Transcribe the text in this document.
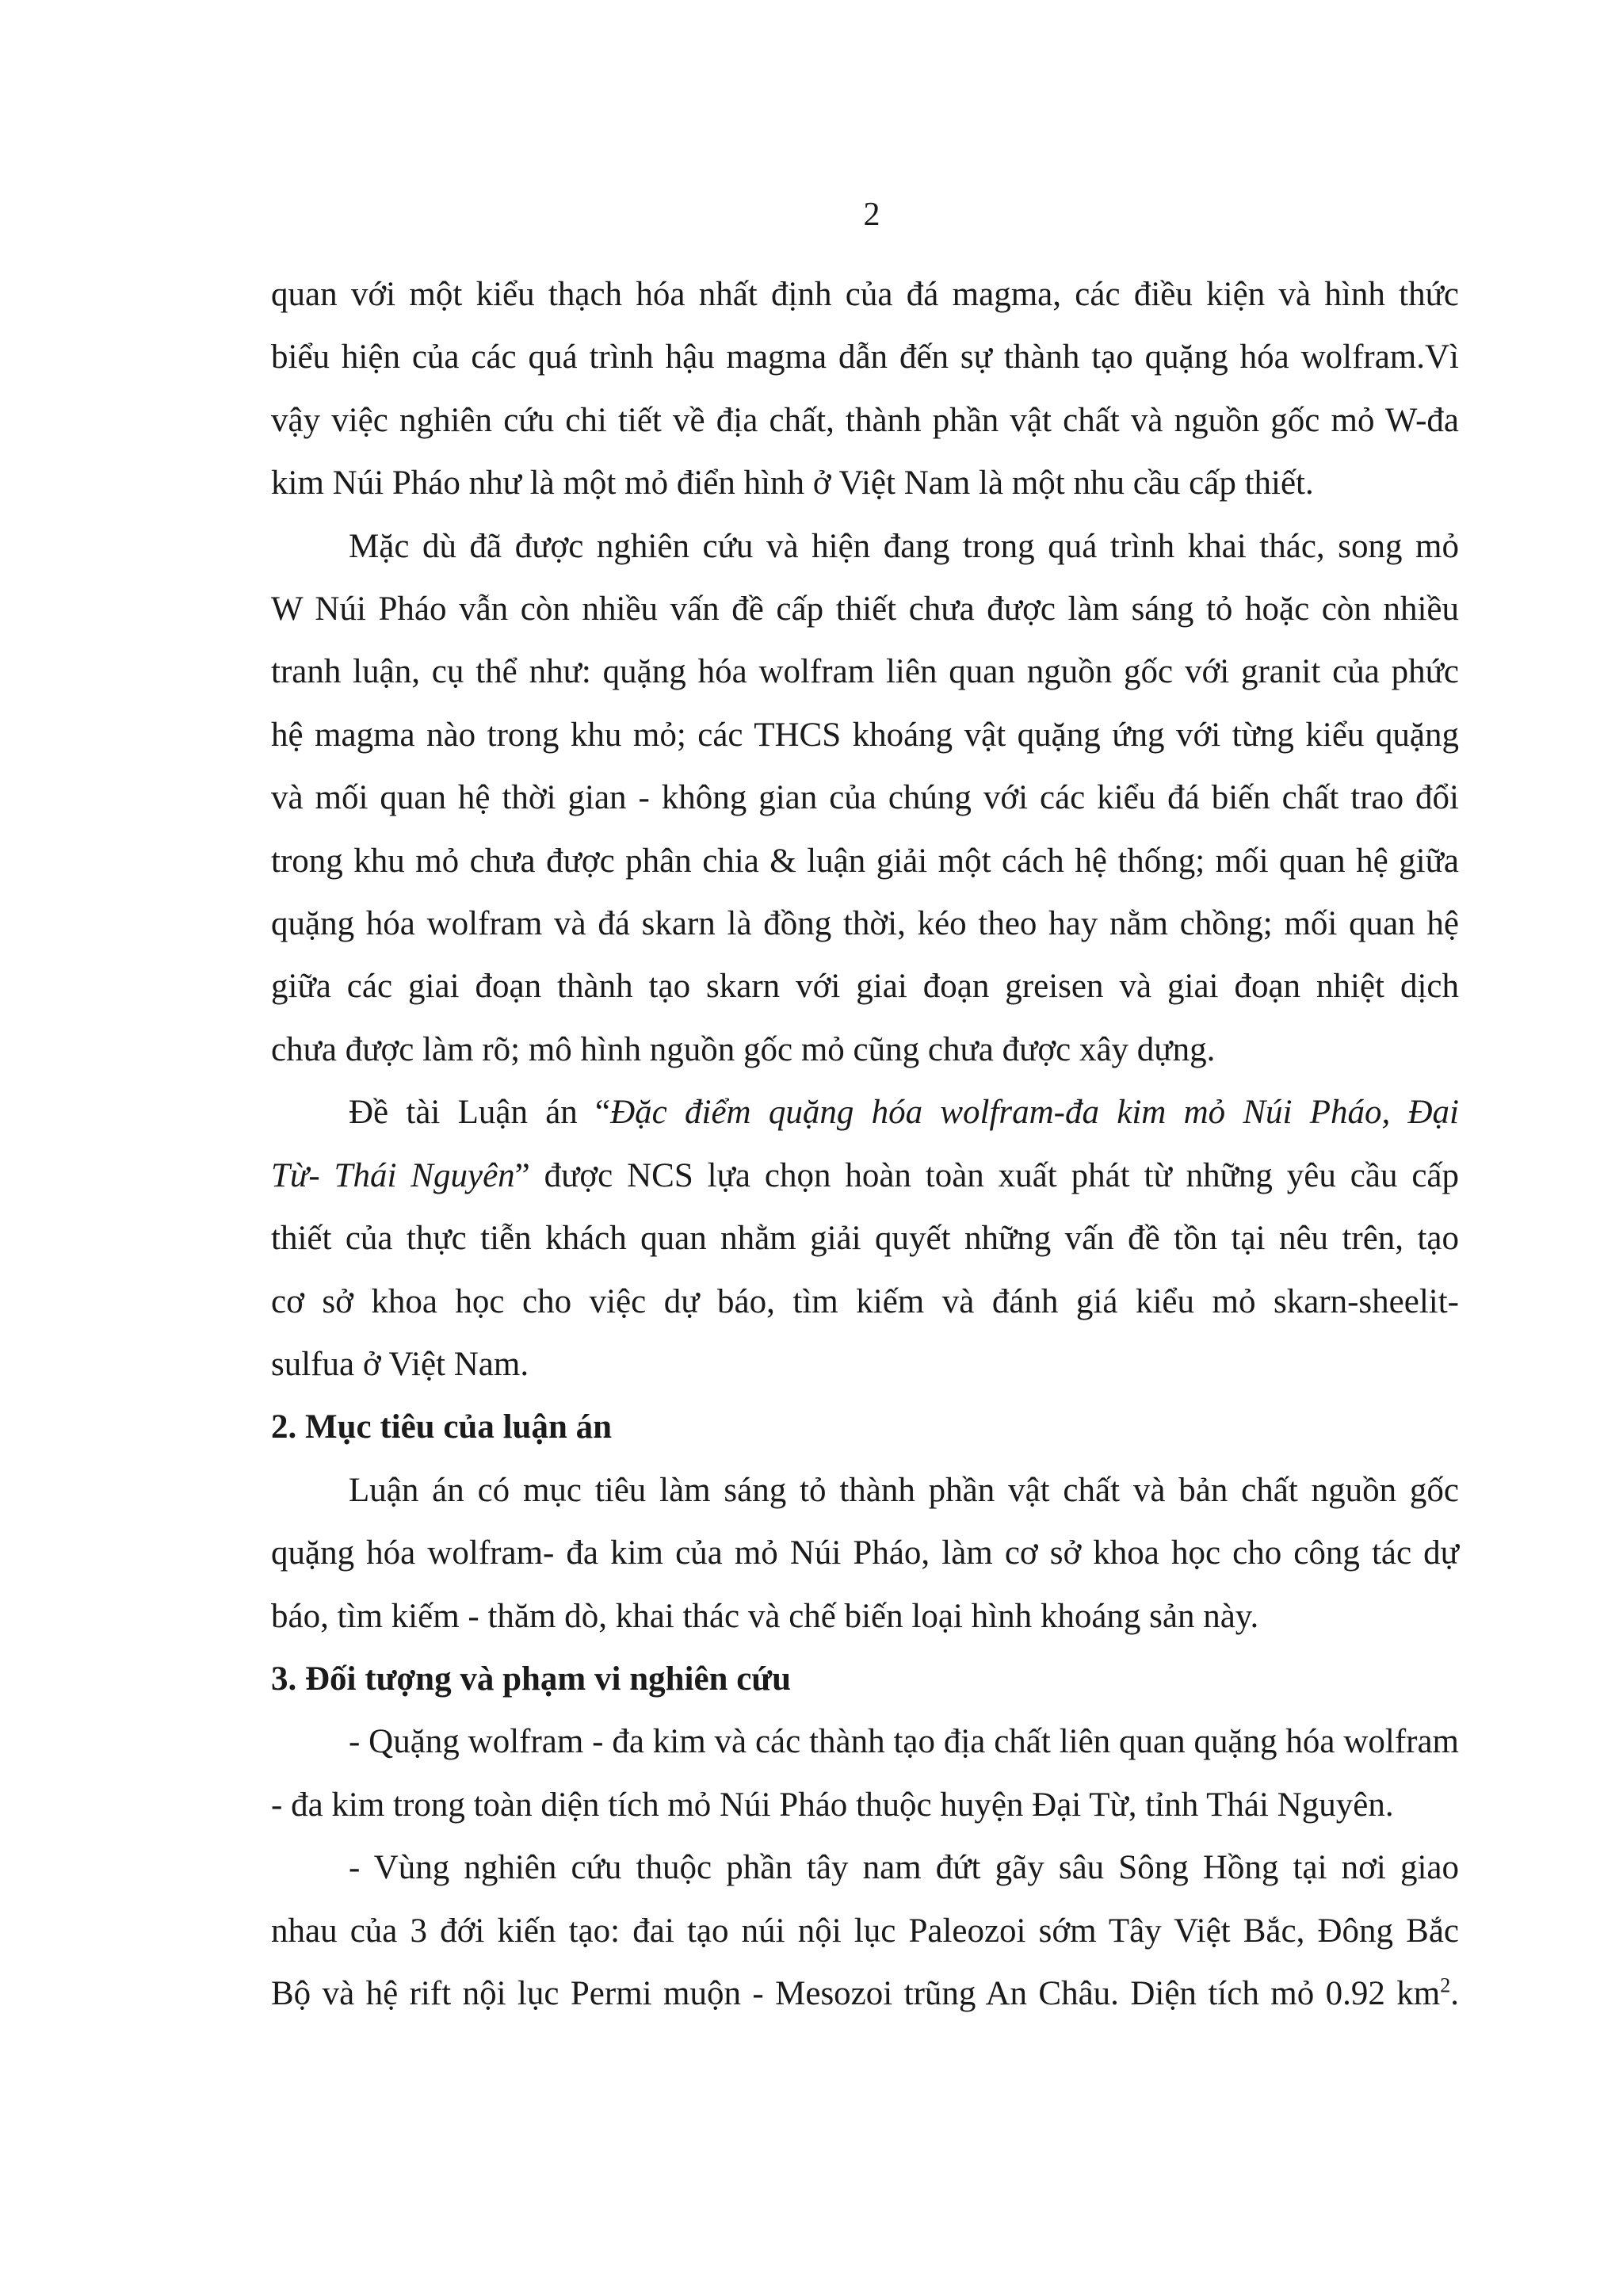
2
quan với một kiểu thạch hóa nhất định của đá magma, các điều kiện và hình thức
biểu hiện của các quá trình hậu magma dẫn đến sự thành tạo quặng hóa wolfram.Vì
vậy việc nghiên cứu chi tiết về địa chất, thành phần vật chất và nguồn gốc mỏ W-đa
kim Núi Pháo như là một mỏ điển hình ở Việt Nam là một nhu cầu cấp thiết.
Mặc dù đã được nghiên cứu và hiện đang trong quá trình khai thác, song mỏ
W Núi Pháo vẫn còn nhiều vấn đề cấp thiết chưa được làm sáng tỏ hoặc còn nhiều
tranh luận, cụ thể như: quặng hóa wolfram liên quan nguồn gốc với granit của phức
hệ magma nào trong khu mỏ; các THCS khoáng vật quặng ứng với từng kiểu quặng
và mối quan hệ thời gian - không gian của chúng với các kiểu đá biến chất trao đổi
trong khu mỏ chưa được phân chia & luận giải một cách hệ thống; mối quan hệ giữa
quặng hóa wolfram và đá skarn là đồng thời, kéo theo hay nằm chồng; mối quan hệ
giữa các giai đoạn thành tạo skarn với giai đoạn greisen và giai đoạn nhiệt dịch
chưa được làm rõ; mô hình nguồn gốc mỏ cũng chưa được xây dựng.
Đề tài Luận án “Đặc điểm quặng hóa wolfram-đa kim mỏ Núi Pháo, Đại
Từ- Thái Nguyên” được NCS lựa chọn hoàn toàn xuất phát từ những yêu cầu cấp
thiết của thực tiễn khách quan nhằm giải quyết những vấn đề tồn tại nêu trên, tạo
cơ sở khoa học cho việc dự báo, tìm kiếm và đánh giá kiểu mỏ skarn-sheelit-
sulfua ở Việt Nam.
2. Mục tiêu của luận án
Luận án có mục tiêu làm sáng tỏ thành phần vật chất và bản chất nguồn gốc
quặng hóa wolfram- đa kim của mỏ Núi Pháo, làm cơ sở khoa học cho công tác dự
báo, tìm kiếm - thăm dò, khai thác và chế biến loại hình khoáng sản này.
3. Đối tượng và phạm vi nghiên cứu
- Quặng wolfram - đa kim và các thành tạo địa chất liên quan quặng hóa wolfram
- đa kim trong toàn diện tích mỏ Núi Pháo thuộc huyện Đại Từ, tỉnh Thái Nguyên.
- Vùng nghiên cứu thuộc phần tây nam đứt gãy sâu Sông Hồng tại nơi giao
nhau của 3 đới kiến tạo: đai tạo núi nội lục Paleozoi sớm Tây Việt Bắc, Đông Bắc
Bộ và hệ rift nội lục Permi muộn - Mesozoi trũng An Châu. Diện tích mỏ 0.92 $km^2$.
